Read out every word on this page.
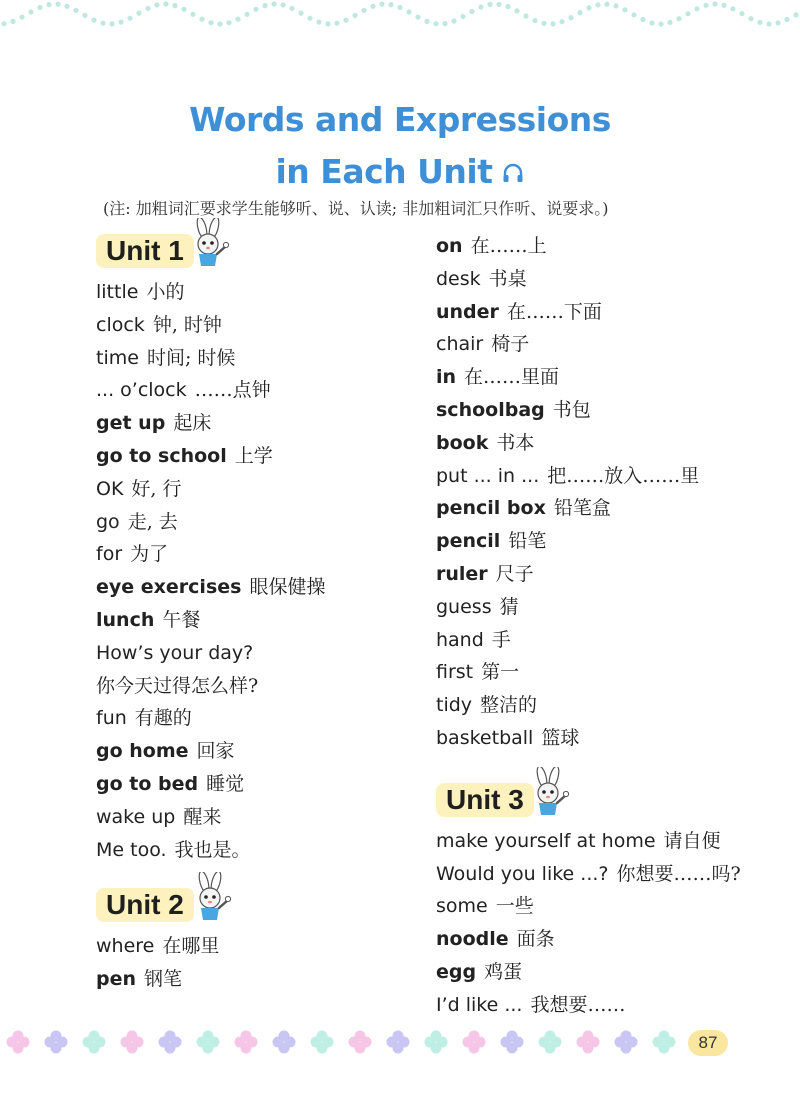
Words and Expressions
in Each Unit
(注: 加粗词汇要求学生能够听、说、认读; 非加粗词汇只作听、说要求。)
Unit 1
little 小的
clock 钟, 时钟
time 时间; 时候
... o’clock ……点钟
get up 起床
go to school 上学
OK 好, 行
go 走, 去
for 为了
eye exercises 眼保健操
lunch 午餐
How’s your day?
你今天过得怎么样?
fun 有趣的
go home 回家
go to bed 睡觉
wake up 醒来
Me too. 我也是。
Unit 2
where 在哪里
pen 钢笔
on 在……上
desk 书桌
under 在……下面
chair 椅子
in 在……里面
schoolbag 书包
book 书本
put ... in ... 把……放入……里
pencil box 铅笔盒
pencil 铅笔
ruler 尺子
guess 猜
hand 手
first 第一
tidy 整洁的
basketball 篮球
Unit 3
make yourself at home 请自便
Would you like ...? 你想要……吗?
some 一些
noodle 面条
egg 鸡蛋
I’d like ... 我想要……
87
